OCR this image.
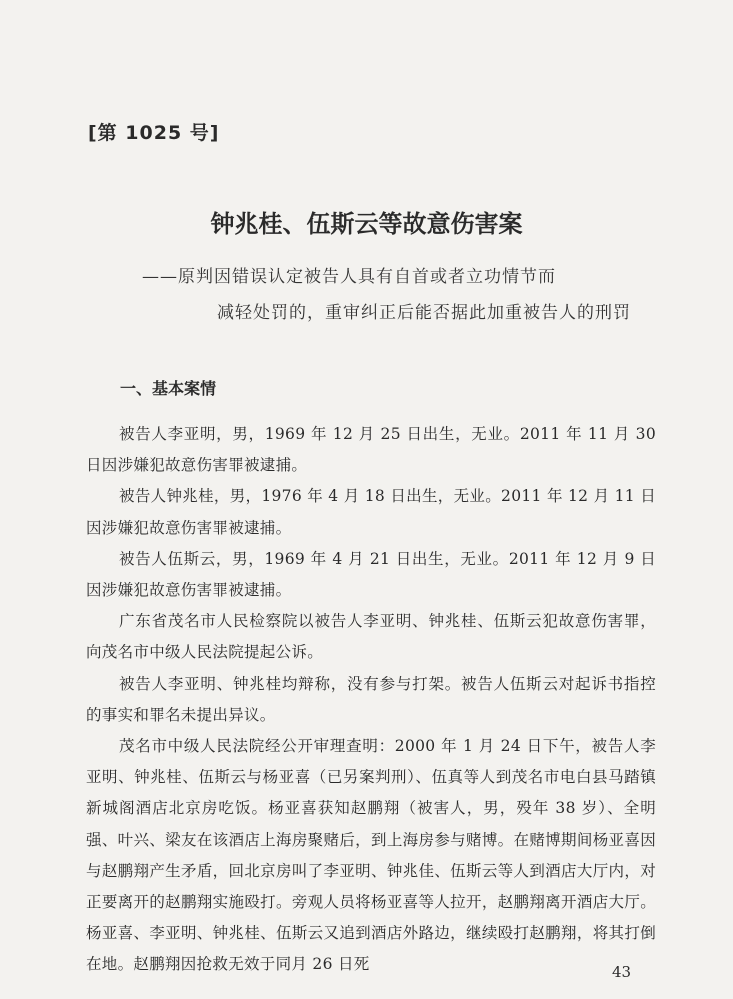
[第 1025 号]
钟兆桂、伍斯云等故意伤害案
——原判因错误认定被告人具有自首或者立功情节而
减轻处罚的，重审纠正后能否据此加重被告人的刑罚
一、基本案情

被告人李亚明，男，1969 年 12 月 25 日出生，无业。2011 年 11 月 30 日因涉嫌犯故意伤害罪被逮捕。

被告人钟兆桂，男，1976 年 4 月 18 日出生，无业。2011 年 12 月 11 日因涉嫌犯故意伤害罪被逮捕。

被告人伍斯云，男，1969 年 4 月 21 日出生，无业。2011 年 12 月 9 日因涉嫌犯故意伤害罪被逮捕。

广东省茂名市人民检察院以被告人李亚明、钟兆桂、伍斯云犯故意伤害罪，向茂名市中级人民法院提起公诉。

被告人李亚明、钟兆桂均辩称，没有参与打架。被告人伍斯云对起诉书指控的事实和罪名未提出异议。

茂名市中级人民法院经公开审理查明：2000 年 1 月 24 日下午，被告人李亚明、钟兆桂、伍斯云与杨亚喜（已另案判刑）、伍真等人到茂名市电白县马踏镇新城阁酒店北京房吃饭。杨亚喜获知赵鹏翔（被害人，男，殁年 38 岁）、全明强、叶兴、梁友在该酒店上海房聚赌后，到上海房参与赌博。在赌博期间杨亚喜因与赵鹏翔产生矛盾，回北京房叫了李亚明、钟兆佳、伍斯云等人到酒店大厅内，对正要离开的赵鹏翔实施殴打。旁观人员将杨亚喜等人拉开，赵鹏翔离开酒店大厅。杨亚喜、李亚明、钟兆桂、伍斯云又追到酒店外路边，继续殴打赵鹏翔，将其打倒在地。赵鹏翔因抢救无效于同月 26 日死	43
